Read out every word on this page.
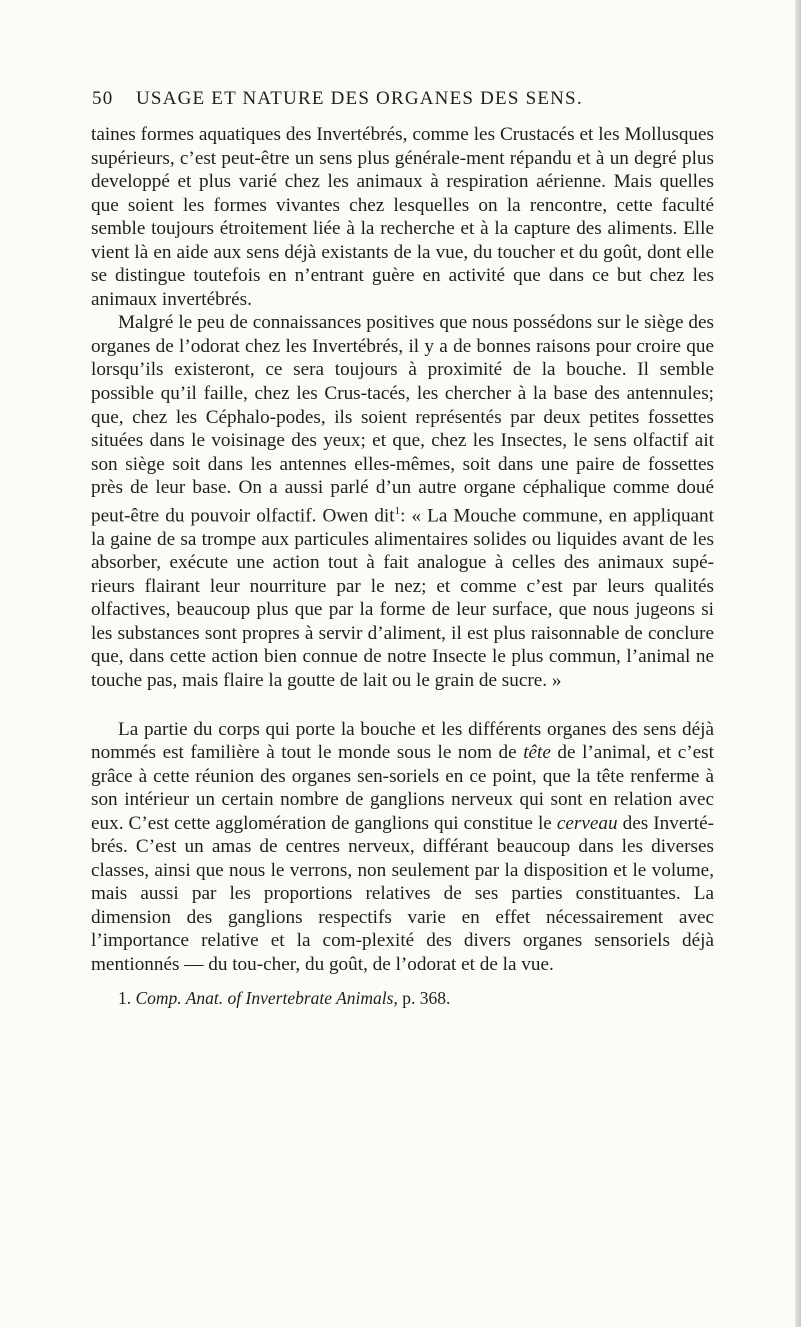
50 USAGE ET NATURE DES ORGANES DES SENS.

taines formes aquatiques des Invertébrés, comme les Crustacés et les Mollusques supérieurs, c’est peut-être un sens plus générale-ment répandu et à un degré plus developpé et plus varié chez les animaux à respiration aérienne. Mais quelles que soient les formes vivantes chez lesquelles on la rencontre, cette faculté semble toujours étroitement liée à la recherche et à la capture des aliments. Elle vient là en aide aux sens déjà existants de la vue, du toucher et du goût, dont elle se distingue toutefois en n’entrant guère en activité que dans ce but chez les animaux invertébrés.

Malgré le peu de connaissances positives que nous possédons sur le siège des organes de l’odorat chez les Invertébrés, il y a de bonnes raisons pour croire que lorsqu’ils existeront, ce sera toujours à proximité de la bouche. Il semble possible qu’il faille, chez les Crus-tacés, les chercher à la base des antennules; que, chez les Céphalo-podes, ils soient représentés par deux petites fossettes situées dans le voisinage des yeux; et que, chez les Insectes, le sens olfactif ait son siège soit dans les antennes elles-mêmes, soit dans une paire de fossettes près de leur base. On a aussi parlé d’un autre organe céphalique comme doué peut-être du pouvoir olfactif. Owen dit$^1$: « La Mouche commune, en appliquant la gaine de sa trompe aux particules alimentaires solides ou liquides avant de les absorber, exécute une action tout à fait analogue à celles des animaux supé-rieurs flairant leur nourriture par le nez; et comme c’est par leurs qualités olfactives, beaucoup plus que par la forme de leur surface, que nous jugeons si les substances sont propres à servir d’aliment, il est plus raisonnable de conclure que, dans cette action bien connue de notre Insecte le plus commun, l’animal ne touche pas, mais flaire la goutte de lait ou le grain de sucre. »

La partie du corps qui porte la bouche et les différents organes des sens déjà nommés est familière à tout le monde sous le nom de tête de l’animal, et c’est grâce à cette réunion des organes sen-soriels en ce point, que la tête renferme à son intérieur un certain nombre de ganglions nerveux qui sont en relation avec eux. C’est cette agglomération de ganglions qui constitue le cerveau des Inverté-brés. C’est un amas de centres nerveux, différant beaucoup dans les diverses classes, ainsi que nous le verrons, non seulement par la disposition et le volume, mais aussi par les proportions relatives de ses parties constituantes. La dimension des ganglions respectifs varie en effet nécessairement avec l’importance relative et la com-plexité des divers organes sensoriels déjà mentionnés — du tou-cher, du goût, de l’odorat et de la vue.

1. Comp. Anat. of Invertebrate Animals, p. 368.
